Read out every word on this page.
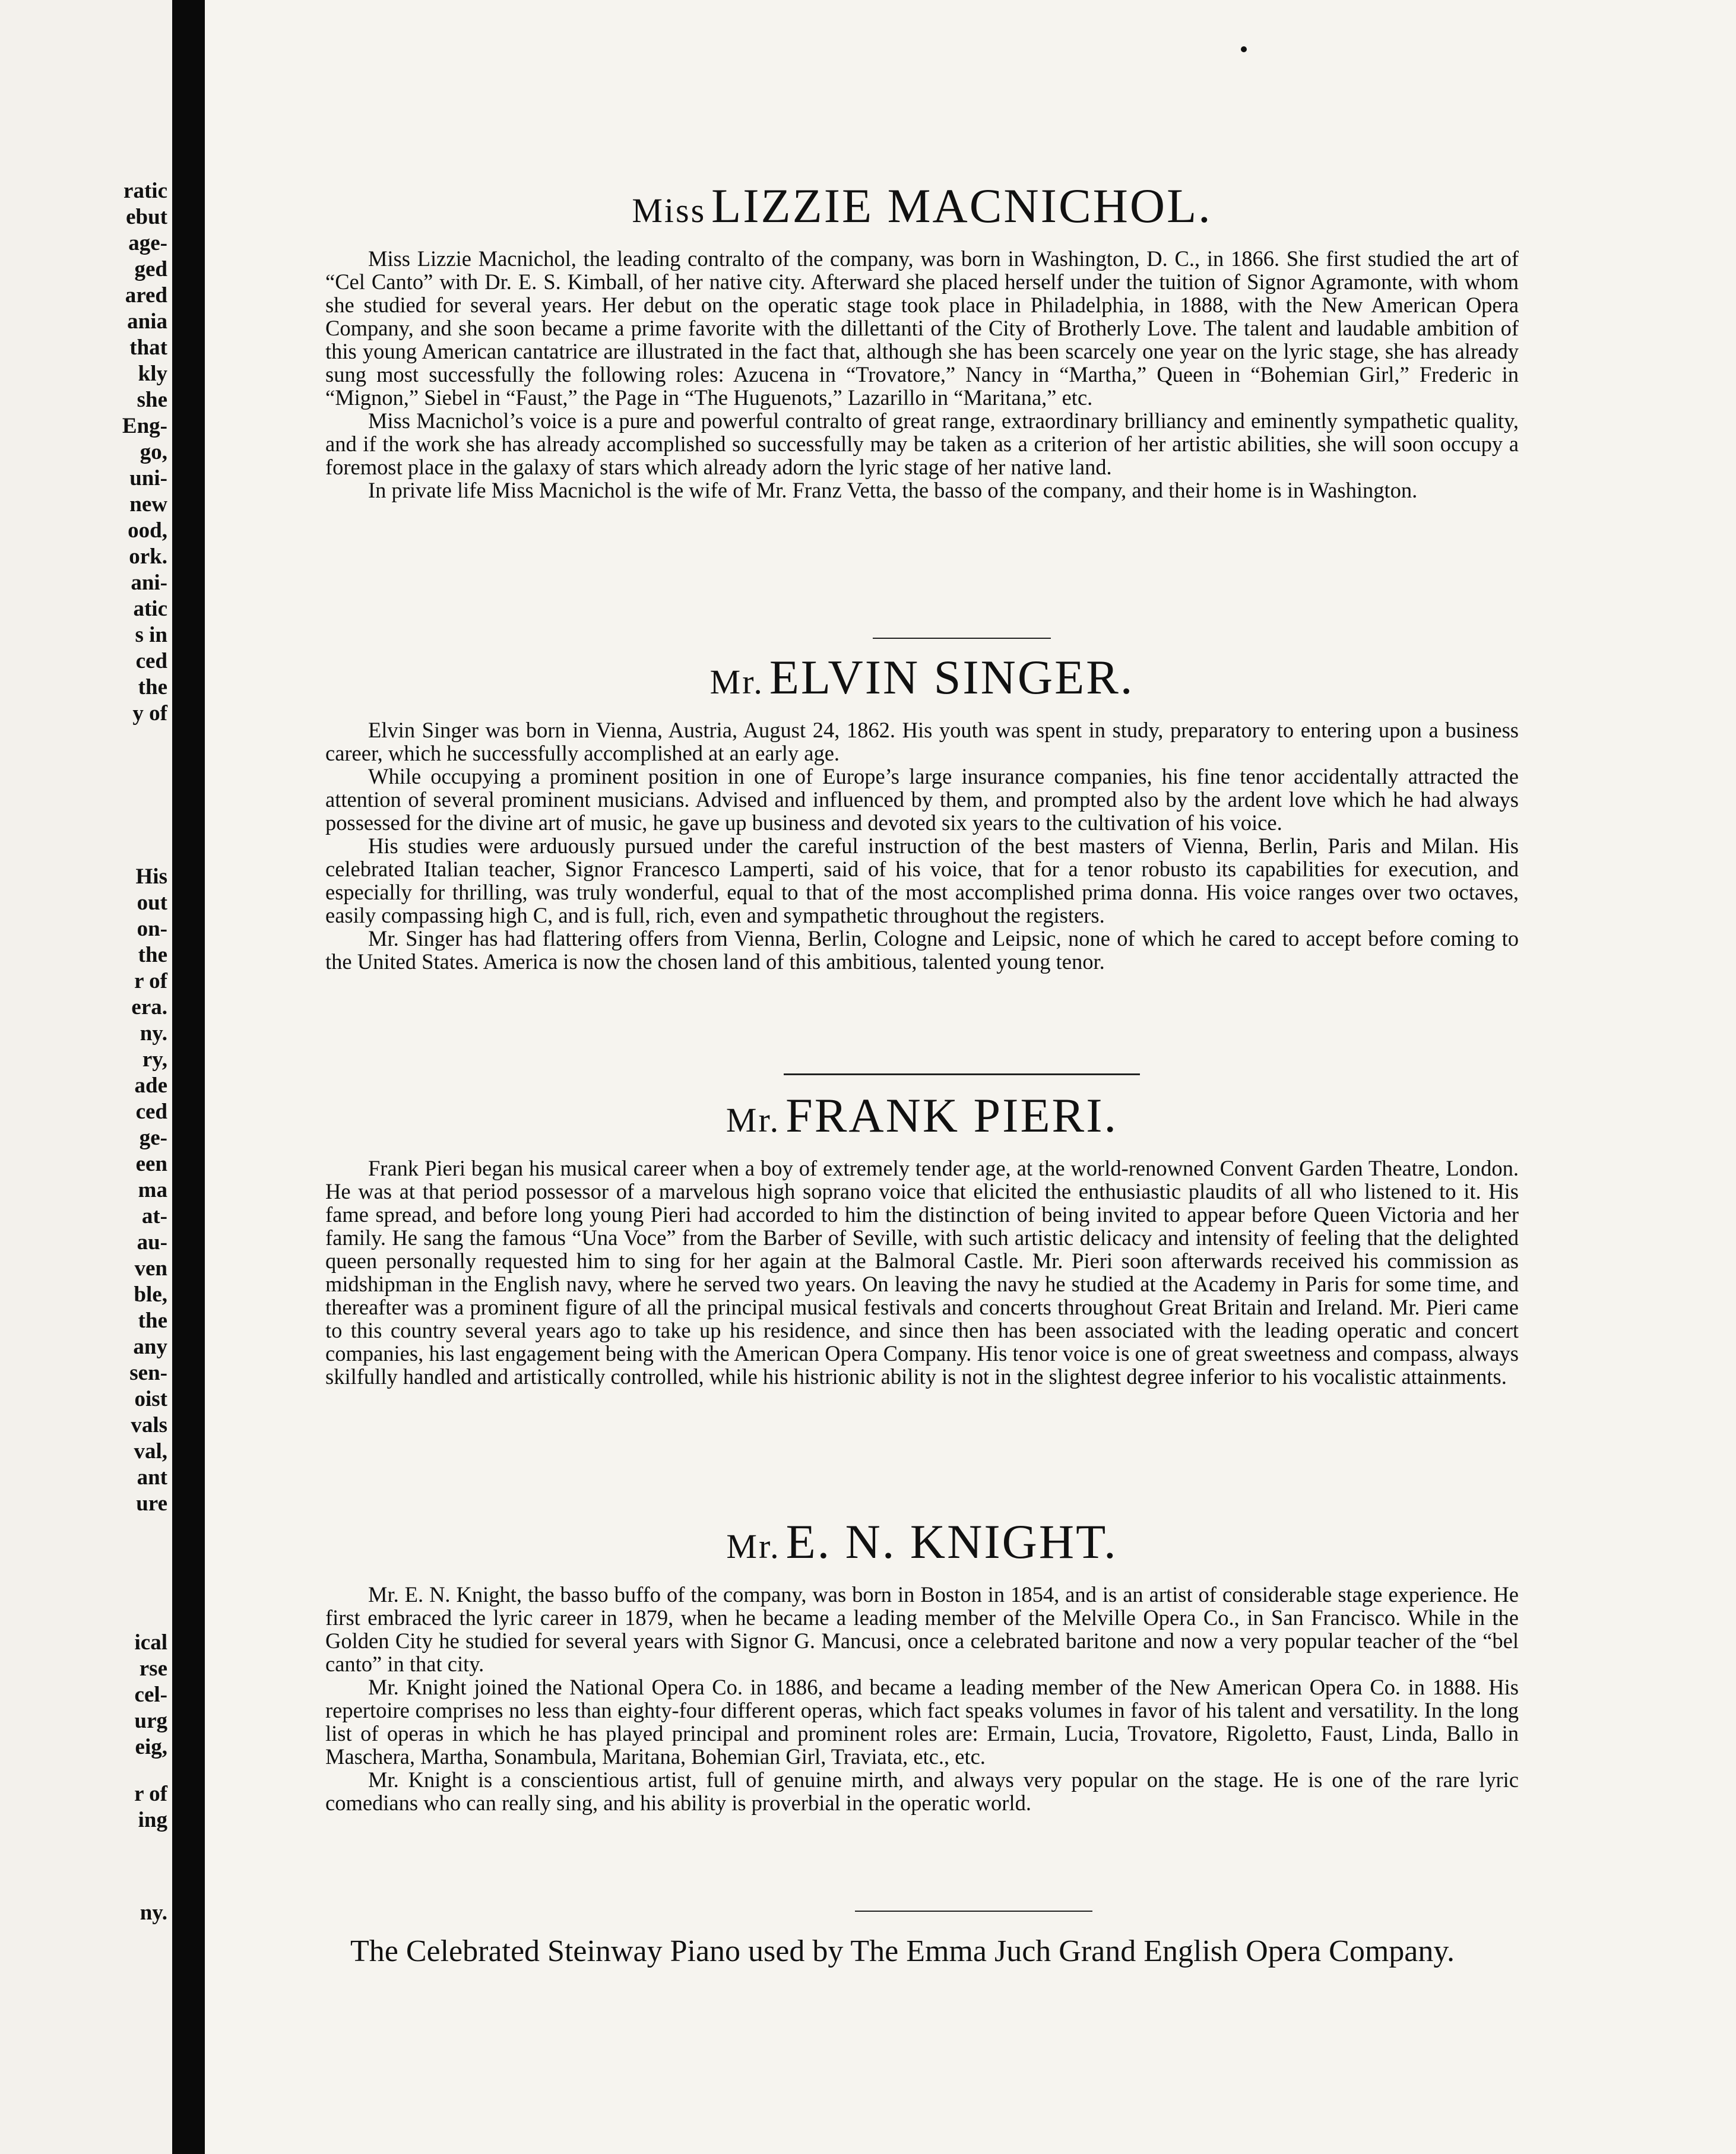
ratic
ebut
age-
ged
ared
ania
that
kly
she
Eng-
go,
uni-
new
ood,
ork.
ani-
atic
s in
ced
the
y of
His
out
on-
the
r of
era.
ny.
ry,
ade
ced
ge-
een
ma
at-
au-
ven
ble,
the
any
sen-
oist
vals
val,
ant
ure
ical
rse
cel-
urg
eig,
r of
ing
ny.
Miss LIZZIE MACNICHOL.

Miss Lizzie Macnichol, the leading contralto of the company, was born in Washington, D. C., in 1866. She first studied the art of “Cel Canto” with Dr. E. S. Kimball, of her native city. Afterward she placed herself under the tuition of Signor Agramonte, with whom she studied for several years. Her debut on the operatic stage took place in Philadelphia, in 1888, with the New American Opera Company, and she soon became a prime favorite with the dillettanti of the City of Brotherly Love. The talent and laudable ambition of this young American cantatrice are illustrated in the fact that, although she has been scarcely one year on the lyric stage, she has already sung most successfully the following roles: Azucena in “Trovatore,” Nancy in “Martha,” Queen in “Bohemian Girl,” Frederic in “Mignon,” Siebel in “Faust,” the Page in “The Huguenots,” Lazarillo in “Maritana,” etc.

Miss Macnichol’s voice is a pure and powerful contralto of great range, extraordinary brilliancy and eminently sympathetic quality, and if the work she has already accomplished so successfully may be taken as a criterion of her artistic abilities, she will soon occupy a foremost place in the galaxy of stars which already adorn the lyric stage of her native land.

In private life Miss Macnichol is the wife of Mr. Franz Vetta, the basso of the company, and their home is in Washington.

Mr. ELVIN SINGER.

Elvin Singer was born in Vienna, Austria, August 24, 1862. His youth was spent in study, preparatory to entering upon a business career, which he successfully accomplished at an early age.

While occupying a prominent position in one of Europe’s large insurance companies, his fine tenor accidentally attracted the attention of several prominent musicians. Advised and influenced by them, and prompted also by the ardent love which he had always possessed for the divine art of music, he gave up business and devoted six years to the cultivation of his voice.

His studies were arduously pursued under the careful instruction of the best masters of Vienna, Berlin, Paris and Milan. His celebrated Italian teacher, Signor Francesco Lamperti, said of his voice, that for a tenor robusto its capabilities for execution, and especially for thrilling, was truly wonderful, equal to that of the most accomplished prima donna. His voice ranges over two octaves, easily compassing high C, and is full, rich, even and sympathetic throughout the registers.

Mr. Singer has had flattering offers from Vienna, Berlin, Cologne and Leipsic, none of which he cared to accept before coming to the United States. America is now the chosen land of this ambitious, talented young tenor.

Mr. FRANK PIERI.

Frank Pieri began his musical career when a boy of extremely tender age, at the world-renowned Convent Garden Theatre, London. He was at that period possessor of a marvelous high soprano voice that elicited the enthusiastic plaudits of all who listened to it. His fame spread, and before long young Pieri had accorded to him the distinction of being invited to appear before Queen Victoria and her family. He sang the famous “Una Voce” from the Barber of Seville, with such artistic delicacy and intensity of feeling that the delighted queen personally requested him to sing for her again at the Balmoral Castle. Mr. Pieri soon afterwards received his commission as midshipman in the English navy, where he served two years. On leaving the navy he studied at the Academy in Paris for some time, and thereafter was a prominent figure of all the principal musical festivals and concerts throughout Great Britain and Ireland. Mr. Pieri came to this country several years ago to take up his residence, and since then has been associated with the leading operatic and concert companies, his last engagement being with the American Opera Company. His tenor voice is one of great sweetness and compass, always skilfully handled and artistically controlled, while his histrionic ability is not in the slightest degree inferior to his vocalistic attainments.

Mr. E. N. KNIGHT.

Mr. E. N. Knight, the basso buffo of the company, was born in Boston in 1854, and is an artist of considerable stage experience. He first embraced the lyric career in 1879, when he became a leading member of the Melville Opera Co., in San Francisco. While in the Golden City he studied for several years with Signor G. Mancusi, once a celebrated baritone and now a very popular teacher of the “bel canto” in that city.

Mr. Knight joined the National Opera Co. in 1886, and became a leading member of the New American Opera Co. in 1888. His repertoire comprises no less than eighty-four different operas, which fact speaks volumes in favor of his talent and versatility. In the long list of operas in which he has played principal and prominent roles are: Ermain, Lucia, Trovatore, Rigoletto, Faust, Linda, Ballo in Maschera, Martha, Sonambula, Maritana, Bohemian Girl, Traviata, etc., etc.

Mr. Knight is a conscientious artist, full of genuine mirth, and always very popular on the stage. He is one of the rare lyric comedians who can really sing, and his ability is proverbial in the operatic world.

The Celebrated Steinway Piano used by The Emma Juch Grand English Opera Company.
